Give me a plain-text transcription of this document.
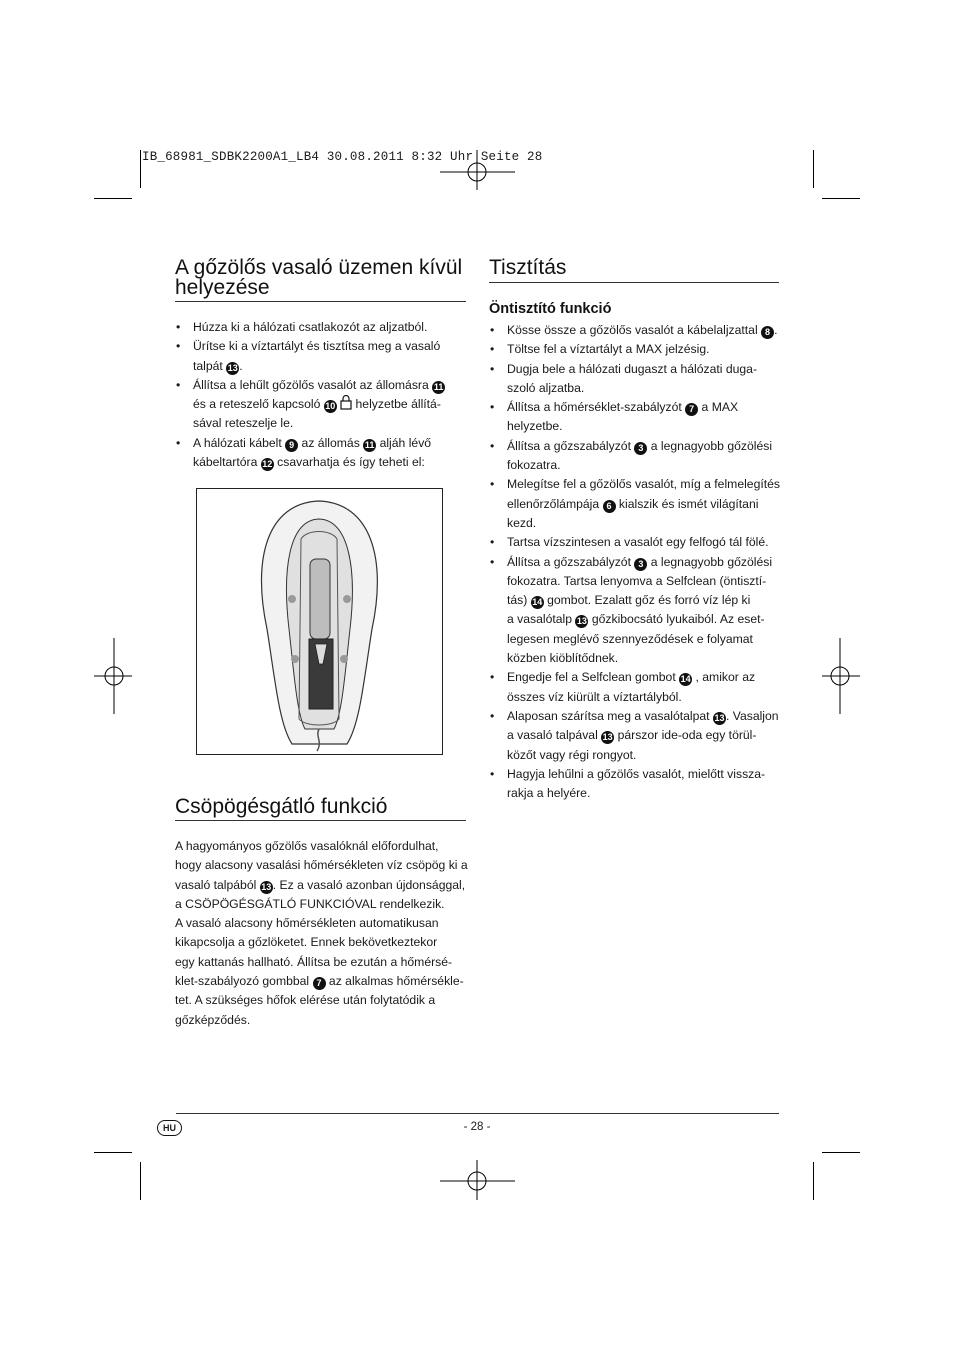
IB_68981_SDBK2200A1_LB4 30.08.2011 8:32 Uhr Seite 28
A gőzölős vasaló üzemen kívül
helyezése
• Húzza ki a hálózati csatlakozót az aljzatból.
• Ürítse ki a víztartályt és tisztítsa meg a vasaló
talpát 13 .
• Állítsa a lehűlt gőzölős vasalót az állomásra 11
és a reteszelő kapcsoló 10  helyzetbe állítá-
sával reteszelje le.
• A hálózati kábelt 9 az állomás 11 aljáh lévő
kábeltartóra 12 csavarhatja és így teheti el:
Csöpögésgátló funkció

A hagyományos gőzölős vasalóknál előfordulhat,
hogy alacsony vasalási hőmérsékleten víz csöpög ki a
vasaló talpából 13 . Ez a vasaló azonban újdonsággal,
a CSÖPÖGÉSGÁTLÓ FUNKCIÓVAL rendelkezik.
A vasaló alacsony hőmérsékleten automatikusan
kikapcsolja a gőzlöketet. Ennek bekövetkeztekor
egy kattanás hallható. Állítsa be ezután a hőmérsé-
klet-szabályozó gombbal 7 az alkalmas hőmérsékle-
tet. A szükséges hőfok elérése után folytatódik a
gőzképződés.

Tisztítás
Öntisztító funkció
• Kösse össze a gőzölős vasalót a kábelaljzattal 8 .
• Töltse fel a víztartályt a MAX jelzésig.
• Dugja bele a hálózati dugaszt a hálózati duga-
szoló aljzatba.
• Állítsa a hőmérséklet-szabályzót 7 a MAX
helyzetbe.
• Állítsa a gőzszabályzót 3 a legnagyobb gőzölési
fokozatra.
• Melegítse fel a gőzölős vasalót, míg a felmelegítés
ellenőrzőlámpája 6 kialszik és ismét világítani
kezd.
• Tartsa vízszintesen a vasalót egy felfogó tál fölé.
• Állítsa a gőzszabályzót 3 a legnagyobb gőzölési
fokozatra. Tartsa lenyomva a Selfclean (öntisztí-
tás) 14 gombot. Ezalatt gőz és forró víz lép ki
a vasalótalp 13 gőzkibocsátó lyukaiból. Az eset-
legesen meglévő szennyeződések e folyamat
közben kiöblítődnek.
• Engedje fel a Selfclean gombot 14 , amikor az
összes víz kiürült a víztartályból.
• Alaposan szárítsa meg a vasalótalpat 13 . Vasaljon
a vasaló talpával 13 párszor ide-oda egy törül-
közőt vagy régi rongyot.
• Hagyja lehűlni a gőzölős vasalót, mielőtt vissza-
rakja a helyére.
HU	- 28 -
